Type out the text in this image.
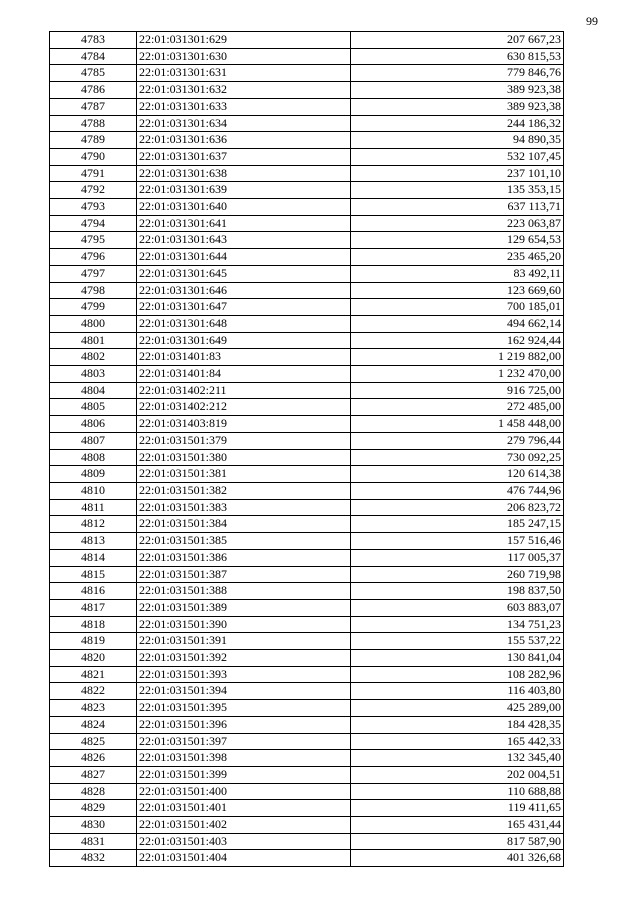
99
4783	22:01:031301:629	207 667,23
4784	22:01:031301:630	630 815,53
4785	22:01:031301:631	779 846,76
4786	22:01:031301:632	389 923,38
4787	22:01:031301:633	389 923,38
4788	22:01:031301:634	244 186,32
4789	22:01:031301:636	94 890,35
4790	22:01:031301:637	532 107,45
4791	22:01:031301:638	237 101,10
4792	22:01:031301:639	135 353,15
4793	22:01:031301:640	637 113,71
4794	22:01:031301:641	223 063,87
4795	22:01:031301:643	129 654,53
4796	22:01:031301:644	235 465,20
4797	22:01:031301:645	83 492,11
4798	22:01:031301:646	123 669,60
4799	22:01:031301:647	700 185,01
4800	22:01:031301:648	494 662,14
4801	22:01:031301:649	162 924,44
4802	22:01:031401:83	1 219 882,00
4803	22:01:031401:84	1 232 470,00
4804	22:01:031402:211	916 725,00
4805	22:01:031402:212	272 485,00
4806	22:01:031403:819	1 458 448,00
4807	22:01:031501:379	279 796,44
4808	22:01:031501:380	730 092,25
4809	22:01:031501:381	120 614,38
4810	22:01:031501:382	476 744,96
4811	22:01:031501:383	206 823,72
4812	22:01:031501:384	185 247,15
4813	22:01:031501:385	157 516,46
4814	22:01:031501:386	117 005,37
4815	22:01:031501:387	260 719,98
4816	22:01:031501:388	198 837,50
4817	22:01:031501:389	603 883,07
4818	22:01:031501:390	134 751,23
4819	22:01:031501:391	155 537,22
4820	22:01:031501:392	130 841,04
4821	22:01:031501:393	108 282,96
4822	22:01:031501:394	116 403,80
4823	22:01:031501:395	425 289,00
4824	22:01:031501:396	184 428,35
4825	22:01:031501:397	165 442,33
4826	22:01:031501:398	132 345,40
4827	22:01:031501:399	202 004,51
4828	22:01:031501:400	110 688,88
4829	22:01:031501:401	119 411,65
4830	22:01:031501:402	165 431,44
4831	22:01:031501:403	817 587,90
4832	22:01:031501:404	401 326,68
